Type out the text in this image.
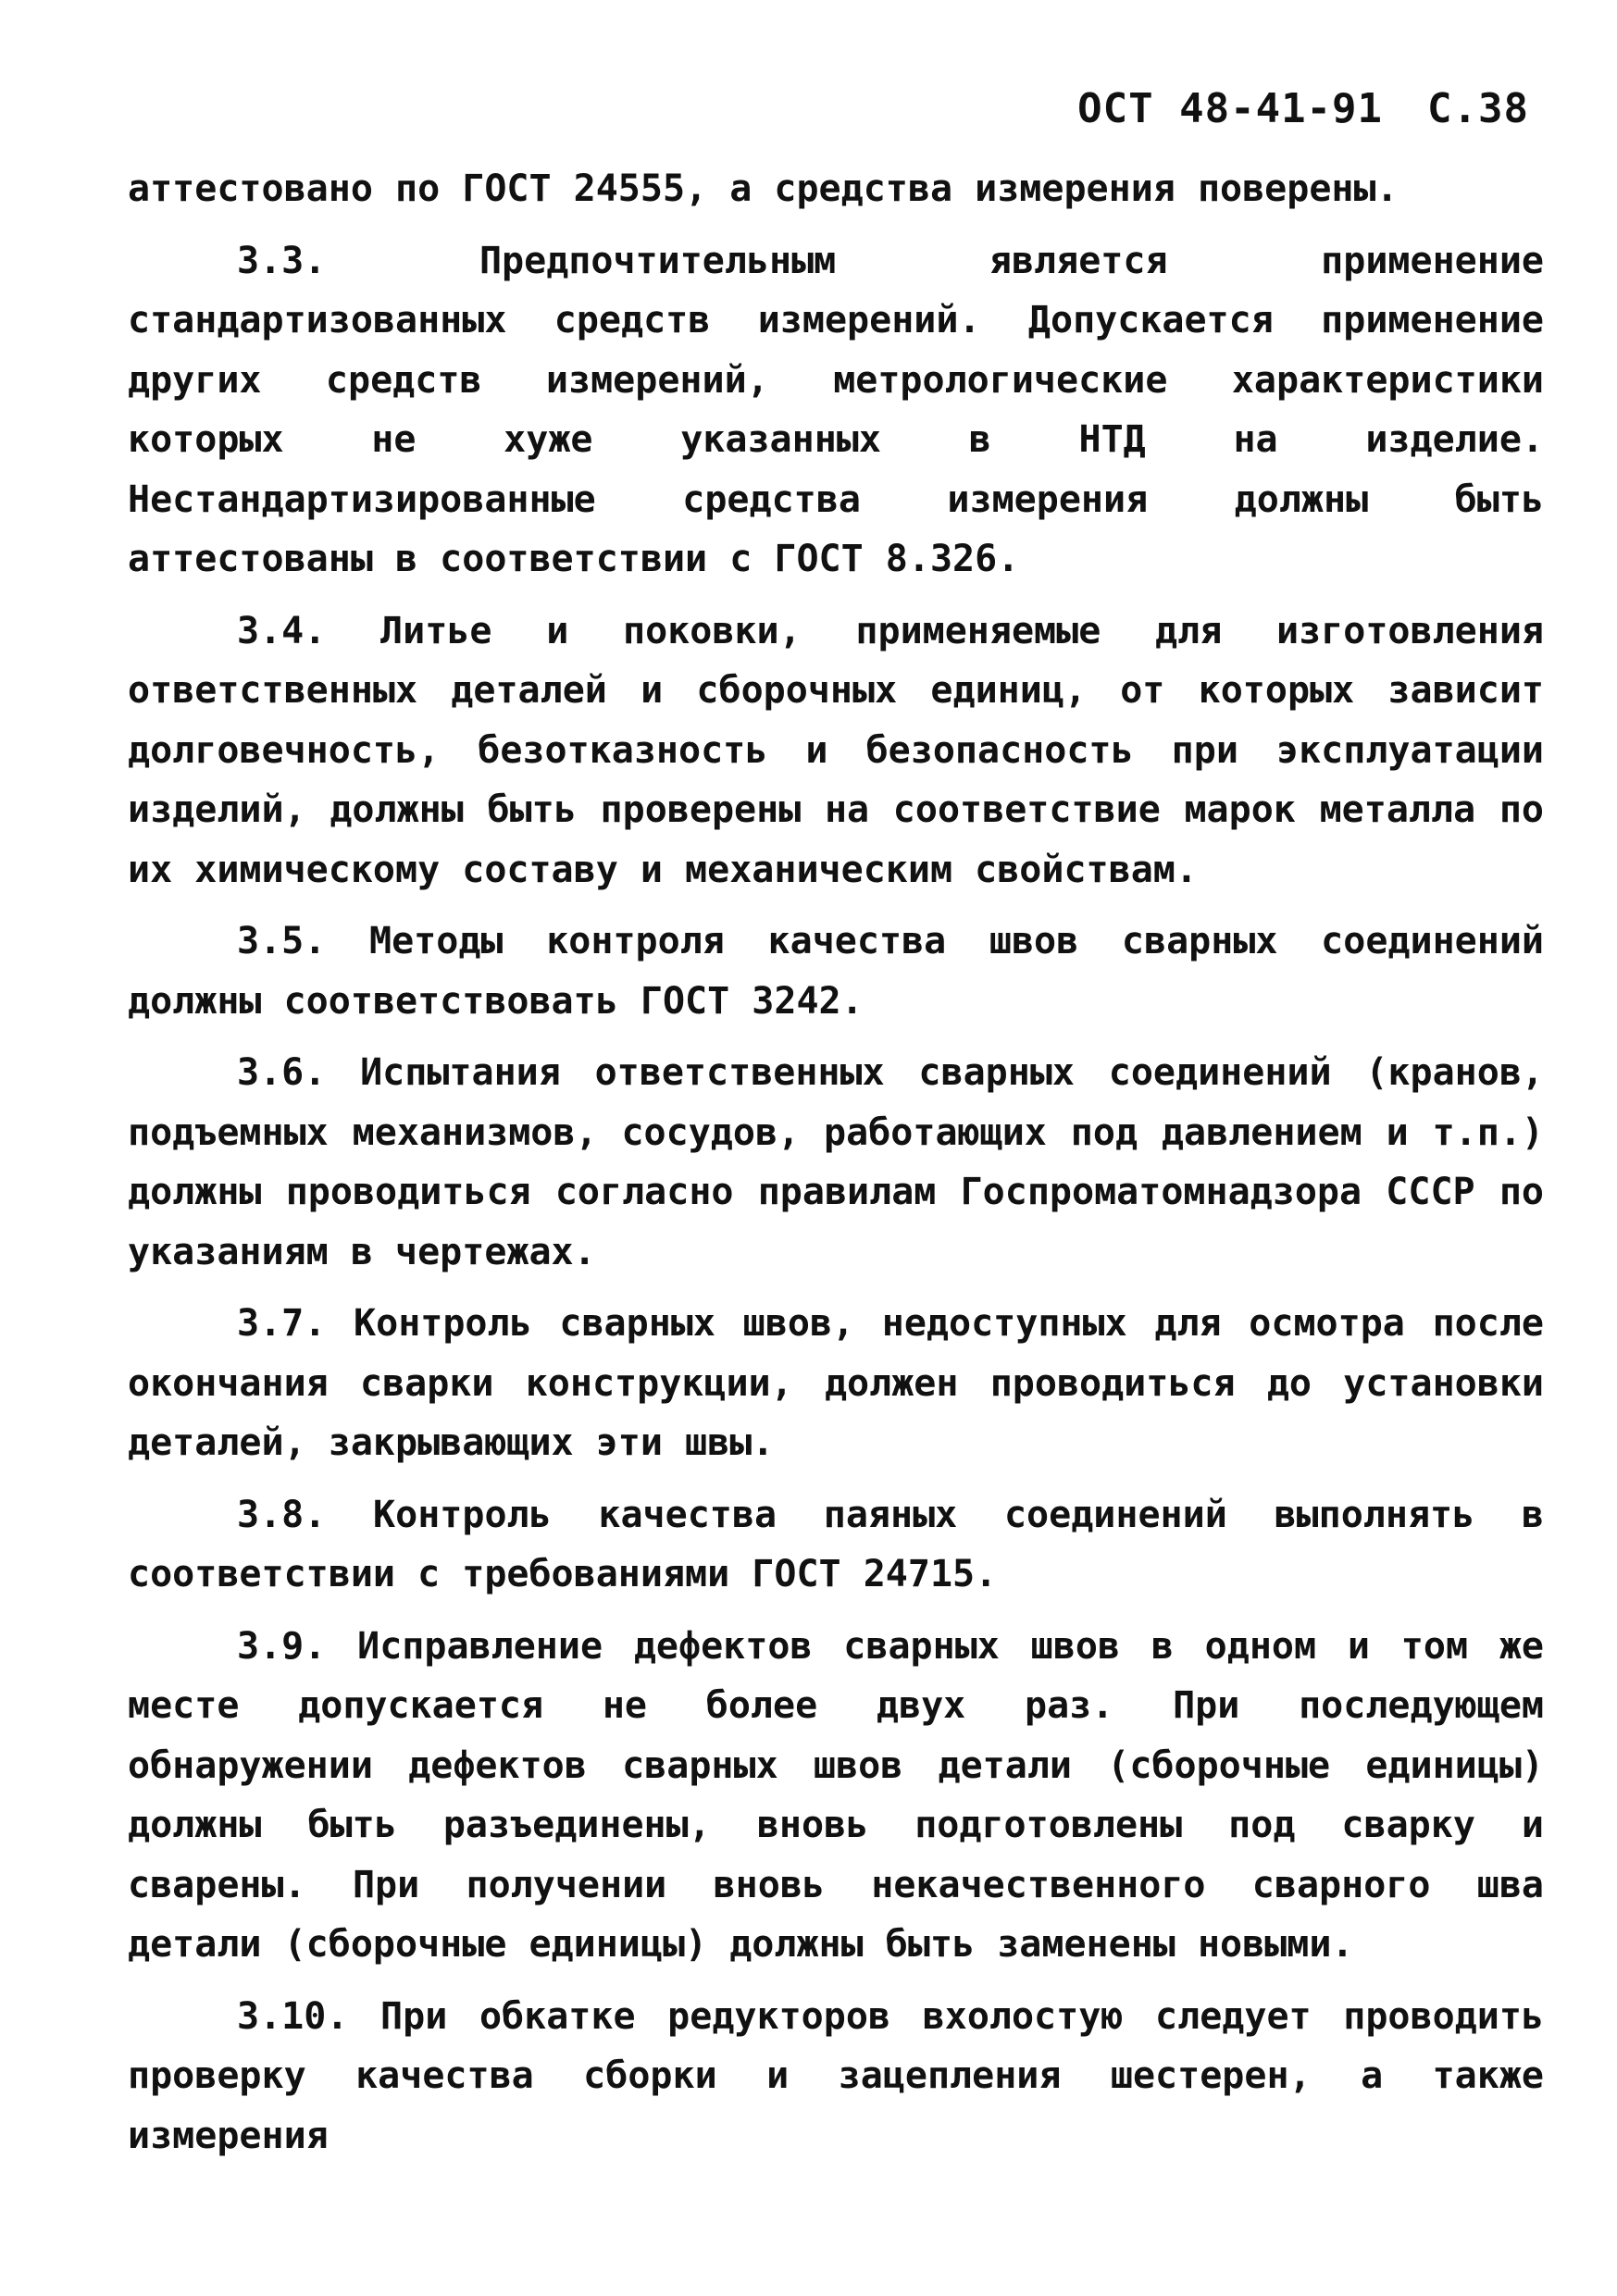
ОСТ 48-41-91 С.38

аттестовано по ГОСТ 24555, а средства измерения поверены.

3.3. Предпочтительным является применение стандартизованных средств измерений. Допускается применение других средств измерений, метрологические характеристики которых не хуже указанных в НТД на изделие. Нестандартизированные средства измерения должны быть аттестованы в соответствии с ГОСТ 8.326.

3.4. Литье и поковки, применяемые для изготовления ответственных деталей и сборочных единиц, от которых зависит долговечность, безотказность и безопасность при эксплуатации изделий, должны быть проверены на соответствие марок металла по их химическому составу и механическим свойствам.

3.5. Методы контроля качества швов сварных соединений должны соответствовать ГОСТ 3242.

3.6. Испытания ответственных сварных соединений (кранов, подъемных механизмов, сосудов, работающих под давлением и т.п.) должны проводиться согласно правилам Госпроматомнадзора СССР по указаниям в чертежах.

3.7. Контроль сварных швов, недоступных для осмотра после окончания сварки конструкции, должен проводиться до установки деталей, закрывающих эти швы.

3.8. Контроль качества паяных соединений выполнять в соответствии с требованиями ГОСТ 24715.

3.9. Исправление дефектов сварных швов в одном и том же месте допускается не более двух раз. При последующем обнаружении дефектов сварных швов детали (сборочные единицы) должны быть разъединены, вновь подготовлены под сварку и сварены. При получении вновь некачественного сварного шва детали (сборочные единицы) должны быть заменены новыми.

3.10. При обкатке редукторов вхолостую следует проводить проверку качества сборки и зацепления шестерен, а также измерения
